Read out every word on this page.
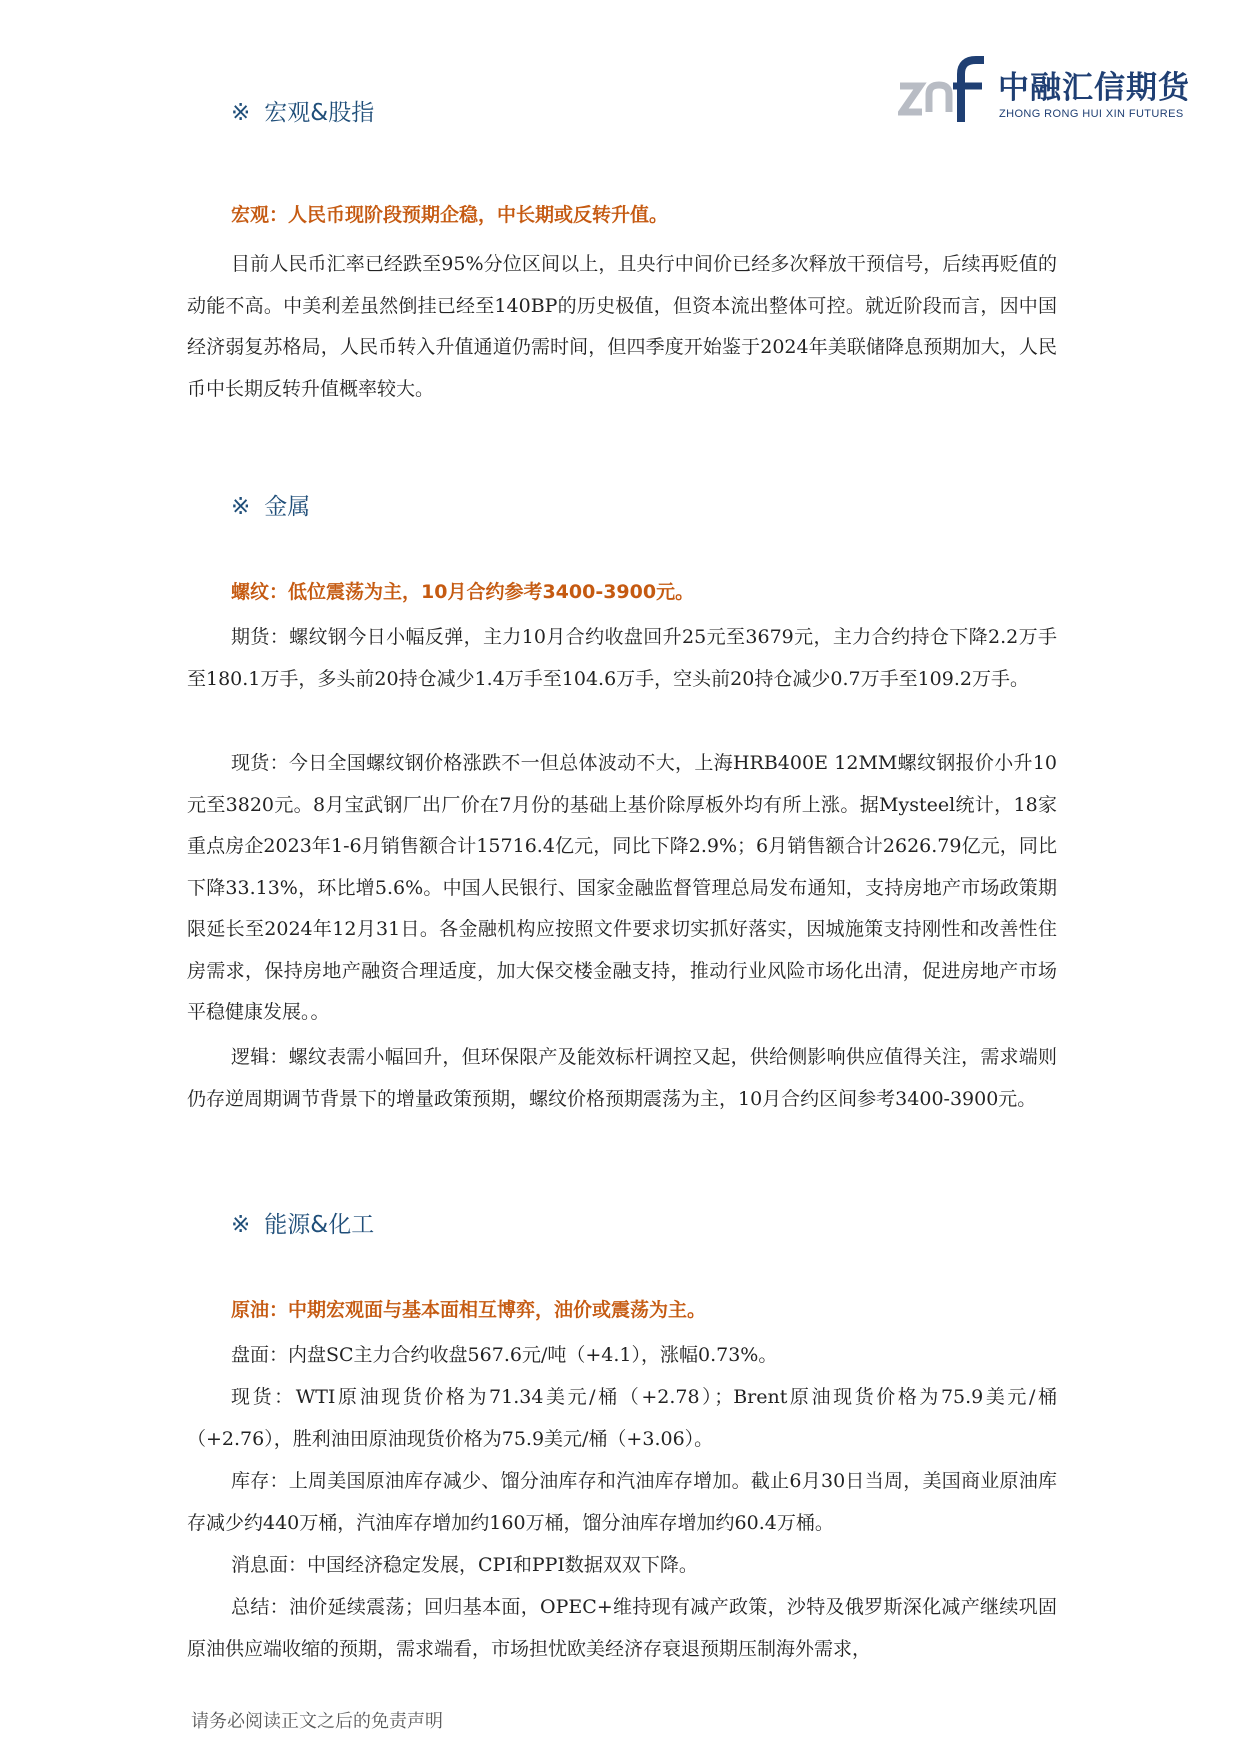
中融汇信期货
ZHONG RONG HUI XIN FUTURES
※ 宏观&股指
宏观：人民币现阶段预期企稳，中长期或反转升值。

目前人民币汇率已经跌至95%分位区间以上，且央行中间价已经多次释放干预信号，后续再贬值的动能不高。中美利差虽然倒挂已经至140BP的历史极值，但资本流出整体可控。就近阶段而言，因中国经济弱复苏格局，人民币转入升值通道仍需时间，但四季度开始鉴于2024年美联储降息预期加大，人民币中长期反转升值概率较大。

※ 金属
螺纹：低位震荡为主，10月合约参考3400-3900元。

期货：螺纹钢今日小幅反弹，主力10月合约收盘回升25元至3679元，主力合约持仓下降2.2万手至180.1万手，多头前20持仓减少1.4万手至104.6万手，空头前20持仓减少0.7万手至109.2万手。

现货：今日全国螺纹钢价格涨跌不一但总体波动不大，上海HRB400E 12MM螺纹钢报价小升10元至3820元。8月宝武钢厂出厂价在7月份的基础上基价除厚板外均有所上涨。据Mysteel统计，18家重点房企2023年1-6月销售额合计15716.4亿元，同比下降2.9%；6月销售额合计2626.79亿元，同比下降33.13%，环比增5.6%。中国人民银行、国家金融监督管理总局发布通知，支持房地产市场政策期限延长至2024年12月31日。各金融机构应按照文件要求切实抓好落实，因城施策支持刚性和改善性住房需求，保持房地产融资合理适度，加大保交楼金融支持，推动行业风险市场化出清，促进房地产市场平稳健康发展。。

逻辑：螺纹表需小幅回升，但环保限产及能效标杆调控又起，供给侧影响供应值得关注，需求端则仍存逆周期调节背景下的增量政策预期，螺纹价格预期震荡为主，10月合约区间参考3400-3900元。

※ 能源&化工
原油：中期宏观面与基本面相互博弈，油价或震荡为主。

盘面：内盘SC主力合约收盘567.6元/吨（+4.1），涨幅0.73%。

现货：WTI原油现货价格为71.34美元/桶（+2.78）；Brent原油现货价格为75.9美元/桶（+2.76），胜利油田原油现货价格为75.9美元/桶（+3.06）。

库存：上周美国原油库存减少、馏分油库存和汽油库存增加。截止6月30日当周，美国商业原油库存减少约440万桶，汽油库存增加约160万桶，馏分油库存增加约60.4万桶。

消息面：中国经济稳定发展，CPI和PPI数据双双下降。

总结：油价延续震荡；回归基本面，OPEC+维持现有减产政策，沙特及俄罗斯深化减产继续巩固原油供应端收缩的预期，需求端看，市场担忧欧美经济存衰退预期压制海外需求，

请务必阅读正文之后的免责声明
